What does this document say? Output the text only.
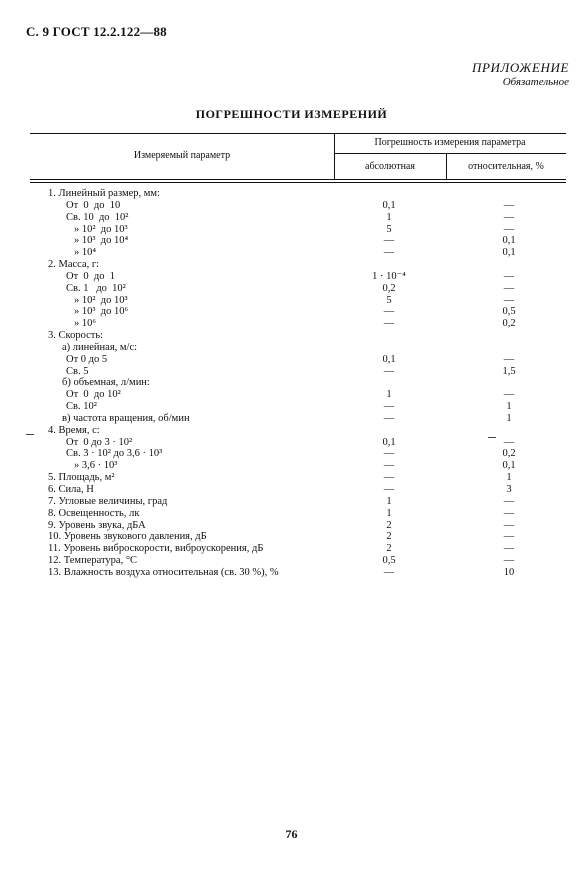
С. 9 ГОСТ 12.2.122—88
ПРИЛОЖЕНИЕ
Обязательное
ПОГРЕШНОСТИ ИЗМЕРЕНИЙ
Измеряемый параметр
Погрешность измерения параметра
абсолютная	относительная, %
1. Линейный размер, мм:
От  0  до  10	0,1	—
Св. 10  до  10²	1	—
» 10²  до 10³	5	—
» 10³  до 10⁴	—	0,1
» 10⁴	—	0,1
2. Масса, г:
От  0  до  1	1 · 10⁻⁴	—
Св. 1   до  10²	0,2	—
» 10²  до 10³	5	—
» 10³  до 10⁶	—	0,5
» 10⁶	—	0,2
3. Скорость:
а) линейная, м/с:
От 0 до 5	0,1	—
Св. 5	—	1,5
б) объемная, л/мин:
От  0  до 10²	1	—
Св. 10²	—	1
в) частота вращения, об/мин	—	1
4. Время, с:
От  0 до 3 · 10²	0,1	—
Св. 3 · 10² до 3,6 · 10³	—	0,2
» 3,6 · 10³	—	0,1
5. Площадь, м²	—	1
6. Сила, Н	—	3
7. Угловые величины, град	1	—
8. Освещенность, лк	1	—
9. Уровень звука, дБА	2	—
10. Уровень звукового давления, дБ	2	—
11. Уровень виброскорости, виброускорения, дБ	2	—
12. Температура, °С	0,5	—
13. Влажность воздуха относительная (св. 30 %), %	—	10
76
